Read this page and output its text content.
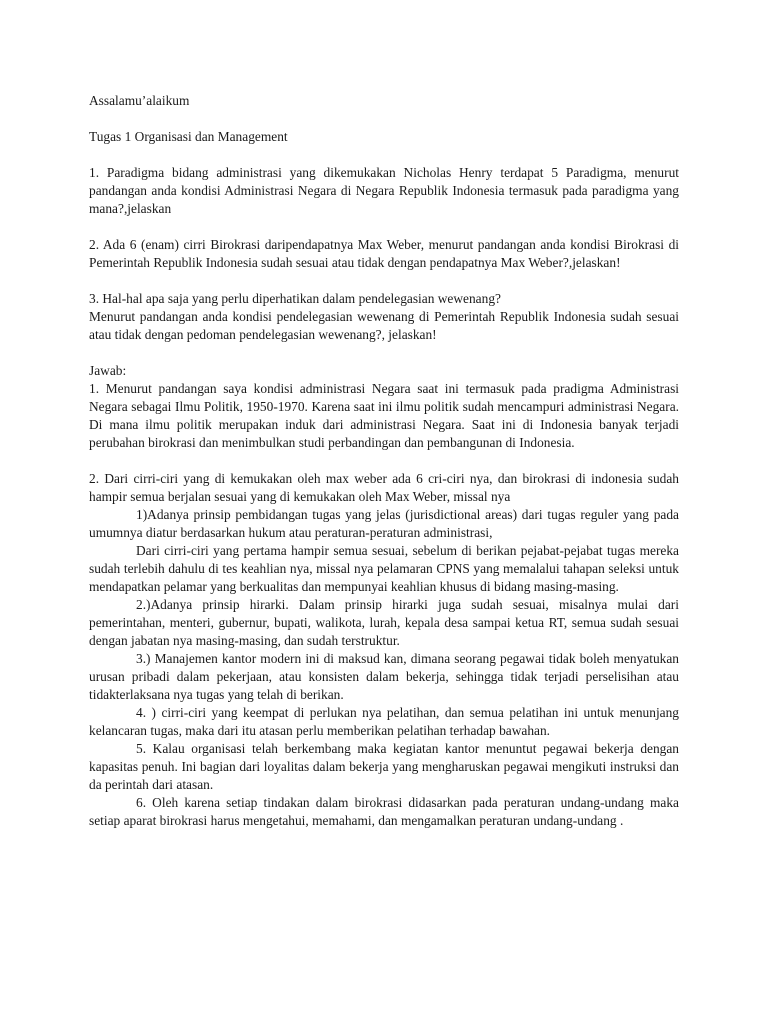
Assalamu’alaikum

Tugas 1 Organisasi dan Management

1. Paradigma bidang administrasi yang dikemukakan Nicholas Henry terdapat 5 Paradigma, menurut pandangan anda kondisi Administrasi Negara di Negara Republik Indonesia termasuk pada paradigma yang mana?,jelaskan

2. Ada 6 (enam) cirri Birokrasi daripendapatnya Max Weber, menurut pandangan anda kondisi Birokrasi di Pemerintah Republik Indonesia sudah sesuai atau tidak dengan pendapatnya Max Weber?,jelaskan!

3. Hal-hal apa saja yang perlu diperhatikan dalam pendelegasian wewenang?

Menurut pandangan anda kondisi pendelegasian wewenang di Pemerintah Republik Indonesia sudah sesuai atau tidak dengan pedoman pendelegasian wewenang?, jelaskan!

Jawab:

1. Menurut pandangan saya kondisi administrasi Negara saat ini termasuk pada pradigma Administrasi Negara sebagai Ilmu Politik, 1950-1970. Karena saat ini ilmu politik sudah mencampuri administrasi Negara. Di mana ilmu politik merupakan induk dari administrasi Negara. Saat ini di Indonesia banyak terjadi perubahan birokrasi dan menimbulkan studi perbandingan dan pembangunan di Indonesia.

2. Dari cirri-ciri yang di kemukakan oleh max weber ada 6 cri-ciri nya, dan birokrasi di indonesia sudah hampir semua berjalan sesuai yang di kemukakan oleh Max Weber, missal nya

1)Adanya prinsip pembidangan tugas yang jelas (jurisdictional areas) dari tugas reguler yang pada umumnya diatur berdasarkan hukum atau peraturan-peraturan administrasi,

Dari cirri-ciri yang pertama hampir semua sesuai, sebelum di berikan pejabat-pejabat tugas mereka sudah terlebih dahulu di tes keahlian nya, missal nya pelamaran CPNS yang memalalui tahapan seleksi untuk mendapatkan pelamar yang berkualitas dan mempunyai keahlian khusus di bidang masing-masing.

2.)Adanya prinsip hirarki. Dalam prinsip hirarki juga sudah sesuai, misalnya mulai dari pemerintahan, menteri, gubernur, bupati, walikota, lurah, kepala desa sampai ketua RT, semua sudah sesuai dengan jabatan nya masing-masing, dan sudah terstruktur.

3.) Manajemen kantor modern ini di maksud kan, dimana seorang pegawai tidak boleh menyatukan urusan pribadi dalam pekerjaan, atau konsisten dalam bekerja, sehingga tidak terjadi perselisihan atau tidakterlaksana nya tugas yang telah di berikan.

4. ) cirri-ciri yang keempat di perlukan nya pelatihan, dan semua pelatihan ini untuk menunjang kelancaran tugas, maka dari itu atasan perlu memberikan pelatihan terhadap bawahan.

5. Kalau organisasi telah berkembang maka kegiatan kantor menuntut pegawai bekerja dengan kapasitas penuh. Ini bagian dari loyalitas dalam bekerja yang mengharuskan pegawai mengikuti instruksi dan da perintah dari atasan.

6. Oleh karena setiap tindakan dalam birokrasi didasarkan pada peraturan undang-undang maka setiap aparat birokrasi harus mengetahui, memahami, dan mengamalkan peraturan undang-undang .
